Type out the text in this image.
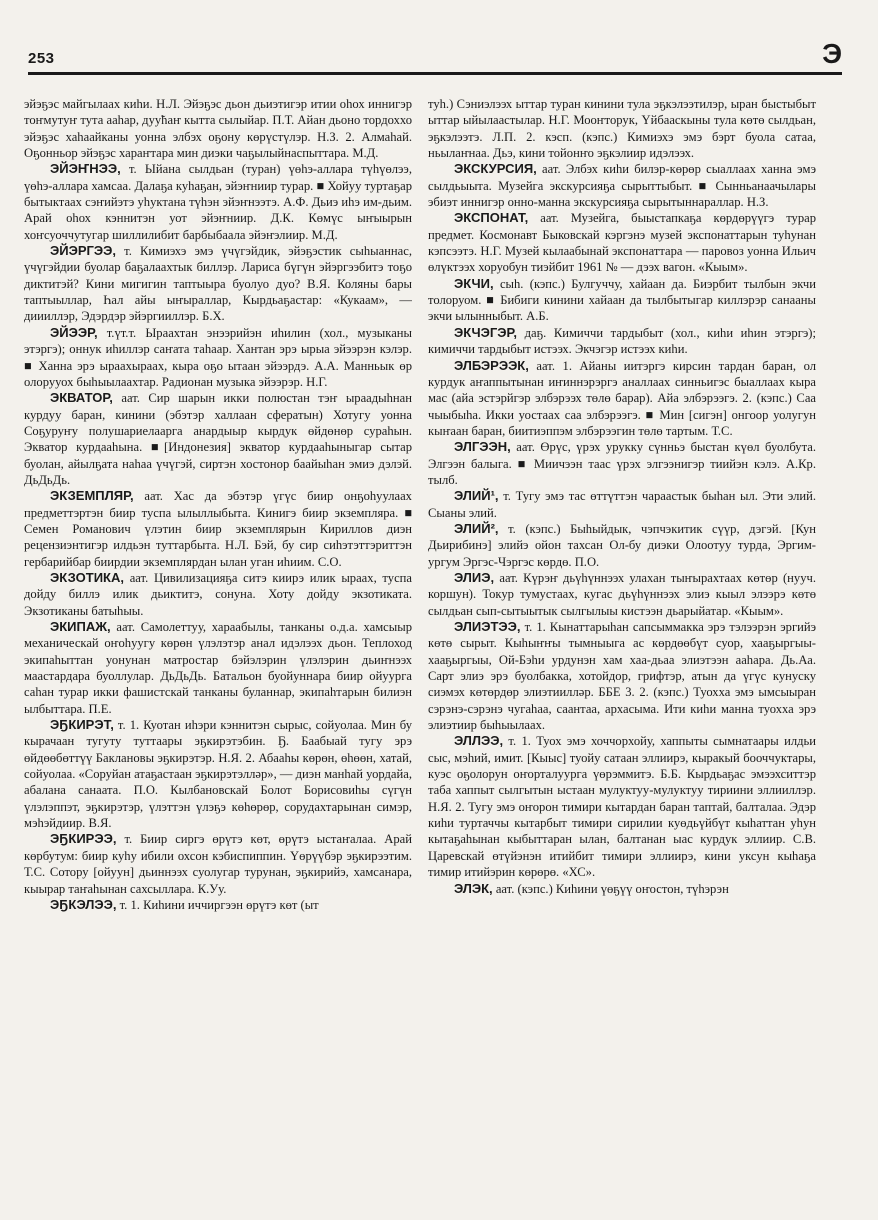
253	Э

эйэҕэс майгылаах киһи. Н.Л. Эйэҕэс дьон дьиэтигэр итии оһох иннигэр тоҥмутуҥ тута ааһар, дуу̃һаҥ кытта сылыйар. П.Т. Айан дьоно тордоххо эйэҕэс хаһаайканы уонна элбэх оҕону көрүстүлэр. Н.З. 2. Алмаһай. Оҕонньор эйэҕэс хараҥтара мин диэки чаҕылыйнаспыттара. М.Д.

ЭЙЭҤНЭЭ, т. Ыйана сылдьан (туран) үөһэ-аллара түһүөлээ, үөһэ-аллара хамсаа. Далаҕа куһаҕан, эйэҥниир турар. ■ Хойуу туртаҕар бытыктаах сэҥийэтэ уһуктана түһэн эйэҥнээтэ. А.Ф. Дьиэ иһэ им-дьим. Арай оһох кэннитэн уот эйэҥниир. Д.К. Көмүс ыҥыырын хоҥсуоччутугар шиллилибит барбыбаала эйэҥэлиир. М.Д.

ЭЙЭРГЭЭ, т. Кимиэхэ эмэ үчүгэйдик, эйэҕэстик сыһыаннас, үчүгэйдии буолар баҕалаахтык биллэр. Лариса бүгүн эйэргээбитэ тоҕо диктитэй? Кини мигигин таптыыра буолуо дуо? В.Я. Коляны бары таптыыллар, Һал айы ыҥыраллар, Кырдьаҕастар: «Кукаам», — диииллэр, Эдэрдэр эйэргииллэр. Б.Х.

ЭЙЭЭР, т.үт.т. Ыраахтан энээрийэн иһилин (хол., музыканы этэргэ); оннук иһиллэр саҥата таһаар. Хантан эрэ ырыа эйээрэн кэлэр. ■ Ханна эрэ ыраахыраах, кыра оҕо ытаан эйээрдэ. А.А. Манньык өр олорууох быһыылаахтар. Радионан музыка эйээрэр. Н.Г.

ЭКВАТОР, аат. Сир шарын икки полюстан тэҥ ыраадыһнан курдуу баран, кинини (эбэтэр халлаан сфератын) Хотугу уонна Соҕуруҥу полушариелаарга анардыыр кырдук өйдөнөр сураһын. Экватор курдааһына. ■[Индонезия] экватор курдааһыныгар сытар буолан, айылҕата наһаа үчүгэй, сиртэн хостонор баайыһан эмиэ дэлэй. ДьДьДь.

ЭКЗЕМПЛЯР, аат. Хас да эбэтэр үгүс биир онҕоһуулаах предметтэртэн биир туспа ылыллыбыта. Кинигэ биир экземпляра. ■ Семен Романович үлэтин биир экземплярын Кириллов диэн рецензиэнтигэр илдьэн туттарбыта. Н.Л. Бэй, бу сир сиһэтэттэриттэн гербарийбар биирдии экземплярдан ылан уган иһиим. С.О.

ЭКЗОТИКА, аат. Цивилизацияҕа ситэ киирэ илик ыраах, туспа дойду биллэ илик дьиктитэ, сонуна. Хоту дойду экзотиката. Экзотиканы батыһыы.

ЭКИПАЖ, аат. Самолеттуу, хараабылы, танканы о.д.а. хамсыыр механическай оҥоһуугу көрөн үлэлэтэр анал идэлээх дьон. Теплоход экипаһыттан уонунан матростар бэйэлэрин үлэлэрин дьиҥнээх маастардара буоллулар. ДьДьДь. Батальон буойуннара биир ойуурга саһан турар икки фашистскай танканы буланнар, экипаһтарын билиэн ылбыттара. П.Е.

ЭҔКИРЭТ, т. 1. Куотан иһэри кэннитэн сырыс, сойуолаа. Мин бу кырачаан тугуту туттаары эҕкирэтэбин. Ҕ. Баабыай тугу эрэ өйдөөбөттүү Баклановы эҕкирэтэр. Н.Я. 2. Абааһы көрөн, өһөөн, хатай, сойуолаа. «Соруйан атаҕастаан эҕкирэтэлләр», — диэн манһай уордайа, абалана санаата. П.О. Кылбановскай Болот Борисовиһы сүгүн үлэлэппэт, эҕкирэтэр, үлэттэн үлэҕэ көһөрөр, сорудахтарынан симэр, мэһэйдиир. В.Я.

ЭҔКИРЭЭ, т. Биир сиргэ өрүтэ көт, өрүтэ ыстаҥалаа. Арай көрбутум: биир куһу ибили охсон кэбиспиппин. Үөрүүбэр эҕкирээтим. Т.С. Сотору [ойуун] дьиннээх суолугар турунан, эҕкирийэ, хамсанара, кыырар таҥаһынан сахсыллара. К.Уу.

ЭҔКЭЛЭЭ, т. 1. Киһини иччиргээн өрүтэ көт (ыт

туһ.) Сэниэлээх ыттар туран кинини тула эҕкэлээтилэр, ыран быстыбыт ыттар ыйылаастылар. Н.Г. Мооҥторук, Үйбааскыны тула көтө сылдьан, эҕкэлээтэ. Л.П. 2. кэсп. (кэпс.) Кимиэхэ эмэ бэрт буола сатаа, ньылаҥнаа. Дьэ, кини тойонҥо эҕкэлиир идэлээх.

ЭКСКУРСИЯ, аат. Элбэх киһи билэр-көрөр сыаллаах ханна эмэ сылдьыыта. Музейга экскурсияҕа сырыттыбыт. ■ Сынньанаачылары эбиэт иннигэр онно-манна экскурсияҕа сырытыннараллар. Н.З.

ЭКСПОНАТ, аат. Музейга, быыстапкаҕа көрдөрүүгэ турар предмет. Космонавт Быковскай кэргэнэ музей экспонаттарын туһунан кэпсээтэ. Н.Г. Музей кылаабынай экспонаттара — паровоз уонна Ильич өлүктээх хоруобун тиэйбит 1961 № — дээх вагон. «Кыым».

ЭКЧИ, сыһ. (кэпс.) Булгуччу, хайаан да. Биэрбит тылбын экчи толоруом. ■ Бибиги кинини хайаан да тылбытыгар киллэрэр санааны экчи ылынныбыт. А.Б.

ЭКЧЭГЭР, даҕ. Кимиччи тардыбыт (хол., киһи иһин этэргэ); кимиччи тардыбыт истээх. Экчэгэр истээх киһи.

ЭЛБЭРЭЭК, аат. 1. Айаны иитэргэ кирсин тардан баран, ол курдук аҥаппытынан иҥиннэрэргэ аналлаах синньигэс быаллаах кыра мас (айа эстэрйгэр элбэрээх төлө барар). Айа элбэрээгэ. 2. (кэпс.) Саа чыыбыһа. Икки уостаах саа элбэрээгэ. ■ Мин [сигэн] онгоор уолугун кыҥаан баран, биитиэппэм элбэрээгин төлө тартым. Т.С.

ЭЛГЭЭН, аат. Өрүс, үрэх урукку сүнньэ быстан күөл буолбута. Элгээн балыга. ■ Миичээн таас үрэх элгээнигэр тиийэн кэлэ. А.Кр. тылб.

ЭЛИЙ¹, т. Тугу эмэ тас өттүттэн чараастык быһан ыл. Эти элий. Сыаны элий.

ЭЛИЙ², т. (кэпс.) Быһыйдык, чэпчэкитик сүүр, дэгэй. [Кун Дьирибинэ] элийэ ойон тахсан Ол-бу диэки Олоотуу турда, Эргим-ургум Эргэс-Чэргэс көрдө. П.О.

ЭЛИЭ, аат. Күрэҥ дьүһүннээх улахан тыҥырахтаах көтөр (нууч. коршун). Токур тумустаах, кугас дьүһүннээх элиэ кыыл элээрэ көтө сылдьан сып-сытыытык сылгылыы кистээн дьарыйатар. «Кыым».

ЭЛИЭТЭЭ, т. 1. Кынаттарыһан сапсыммакка эрэ тэлээрэн эргийэ көтө сырыт. Кыһыҥҥы тымныыга ас көрдөөбүт суор, хааҕыргыы-хааҕыргыы, Ой-Бэһи урдунэн хам хаа-дьаа элиэтээн ааһара. Дь.Аа. Сарт элиэ эрэ буолбакка, хотойдор, грифтэр, атын да үгүс кунуску сиэмэх көтөрдөр элиэтиилләр. ББЕ 3. 2. (кэпс.) Туохха эмэ ымсыыран сэрэнэ-сэрэнэ чугаһаа, саантаа, архасыма. Ити киһи манна туохха эрэ элиэтиир быһыылаах.

ЭЛЛЭЭ, т. 1. Туох эмэ хоччорхойу, хаппыты сымнатаары илдьи сыс, мэһий, имит. [Кыыс] туойу сатаан эллиирэ, кыракый бооччуктары, куэс оҕолорун оҥорталуурга үөрэммитэ. Б.Б. Кырдьаҕас эмээхситтэр таба хаппыт сылгытын ыстаан мулуктуу-мулуктуу тириини эллииллэр. Н.Я. 2. Тугу эмэ оҥорон тимири кытардан баран таптай, балталаа. Эдэр киһи туртаччы кытарбыт тимири сирилии куөдьүйбүт кыһаттан уһун кытаҕаһынан кыбыттаран ылан, балтанан ыас курдук эллиир. С.В. Царевскай өтүйэнэн итийбит тимири эллиирэ, кини уксун кыһаҕа тимир итийэрин көрөрө. «ХС».

ЭЛЭК, аат. (кэпс.) Киһини үөҕүү оҥостон, түһэрэн
